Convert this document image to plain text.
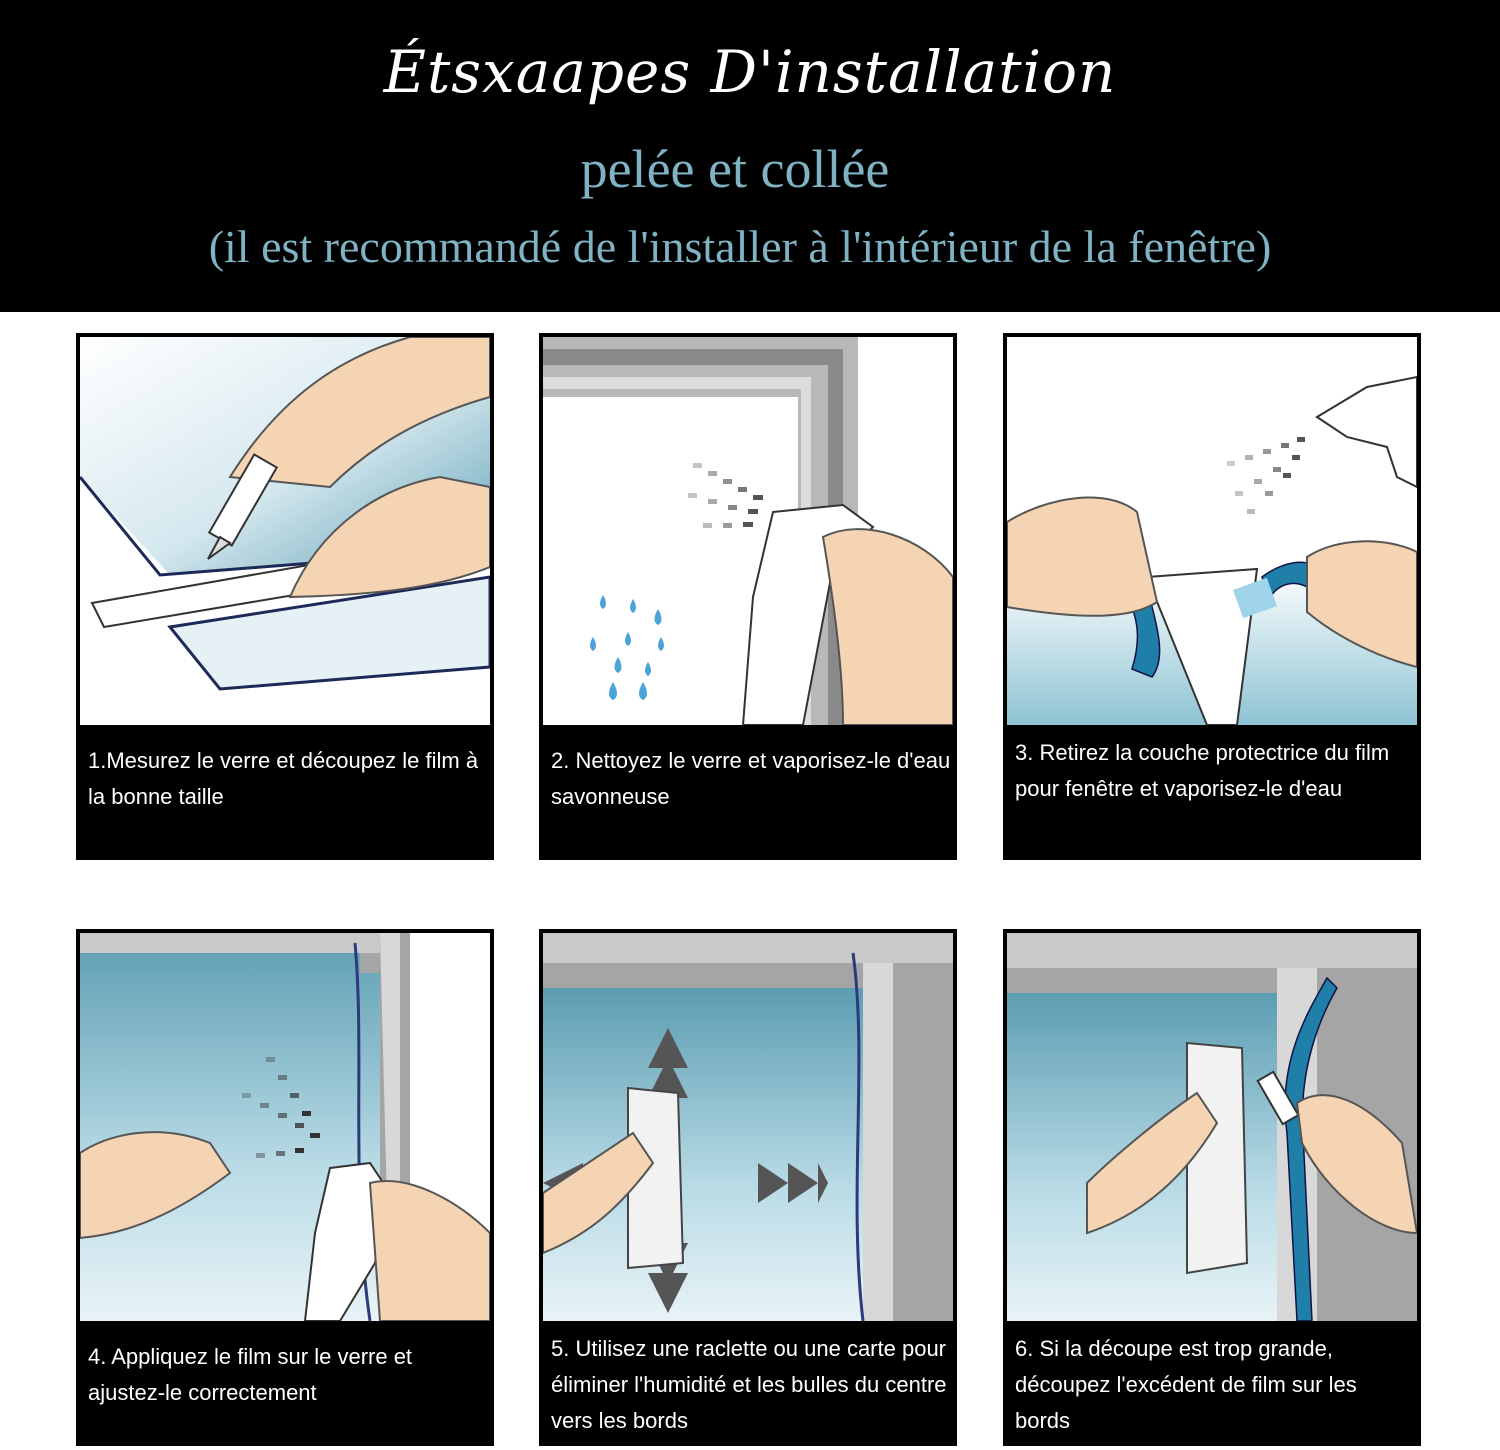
Étsxaapes D'installation
pelée et collée
(il est recommandé de l'installer à l'intérieur de la fenêtre)
1.Mesurez le verre et découpez le film à la bonne taille
2. Nettoyez le verre et vaporisez-le d'eau savonneuse
3. Retirez la couche protectrice du film pour fenêtre et vaporisez-le d'eau
4. Appliquez le film sur le verre et ajustez-le correctement
5. Utilisez une raclette ou une carte pour éliminer l'humidité et les bulles du centre vers les bords
6. Si la découpe est trop grande, découpez l'excédent de film sur les bords
